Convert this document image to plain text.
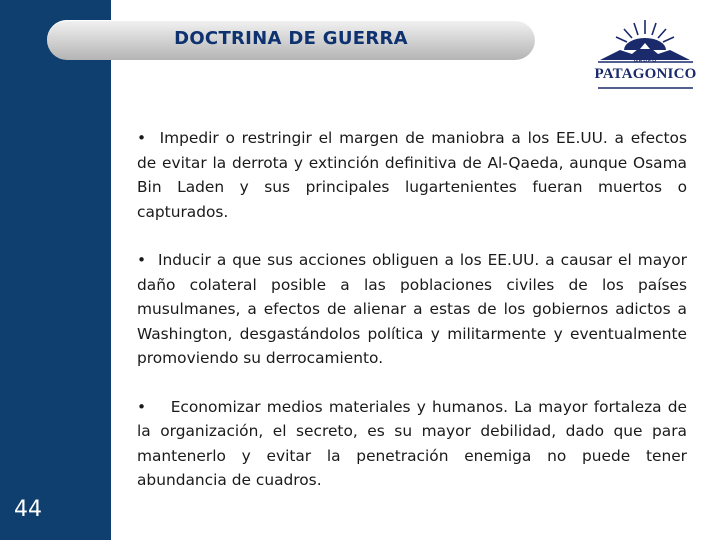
44
DOCTRINA DE GUERRA
GRUPO
PATAGONICO

• Impedir o restringir el margen de maniobra a los EE.UU. a efectos de evitar la derrota y extinción definitiva de Al-Qaeda, aunque Osama Bin Laden y sus principales lugartenientes fueran muertos o capturados.

• Inducir a que sus acciones obliguen a los EE.UU. a causar el mayor daño colateral posible a las poblaciones civiles de los países musulmanes, a efectos de alienar a estas de los gobiernos adictos a Washington, desgastándolos política y militarmente y eventualmente promoviendo su derrocamiento.

• Economizar medios materiales y humanos. La mayor fortaleza de la organización, el secreto, es su mayor debilidad, dado que para mantenerlo y evitar la penetración enemiga no puede tener abundancia de cuadros.
